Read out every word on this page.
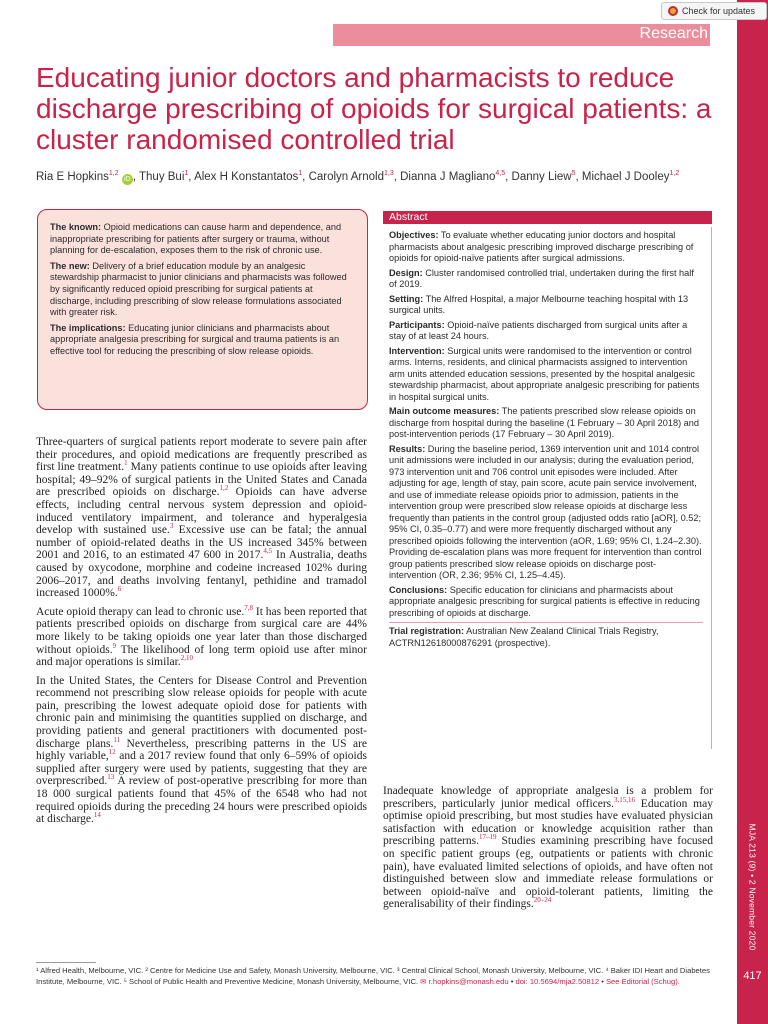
MJA 213 (9) • 2 November 2020
417
Check for updates
Research
Educating junior doctors and pharmacists to reduce discharge prescribing of opioids for surgical patients: a cluster randomised controlled trial
Ria E Hopkins$^{1,2}$ iD , Thuy Bui$^1$, Alex H Konstantatos$^1$, Carolyn Arnold$^{1,3}$, Dianna J Magliano$^{4,5}$, Danny Liew$^5$, Michael J Dooley$^{1,2}$

The known: Opioid medications can cause harm and dependence, and inappropriate prescribing for patients after surgery or trauma, without planning for de-escalation, exposes them to the risk of chronic use.

The new: Delivery of a brief education module by an analgesic stewardship pharmacist to junior clinicians and pharmacists was followed by significantly reduced opioid prescribing for surgical patients at discharge, including prescribing of slow release formulations associated with greater risk.

The implications: Educating junior clinicians and pharmacists about appropriate analgesia prescribing for surgical and trauma patients is an effective tool for reducing the prescribing of slow release opioids.

Abstract

Objectives: To evaluate whether educating junior doctors and hospital pharmacists about analgesic prescribing improved discharge prescribing of opioids for opioid-naïve patients after surgical admissions.

Design: Cluster randomised controlled trial, undertaken during the first half of 2019.

Setting: The Alfred Hospital, a major Melbourne teaching hospital with 13 surgical units.

Participants: Opioid-naïve patients discharged from surgical units after a stay of at least 24 hours.

Intervention: Surgical units were randomised to the intervention or control arms. Interns, residents, and clinical pharmacists assigned to intervention arm units attended education sessions, presented by the hospital analgesic stewardship pharmacist, about appropriate analgesic prescribing for patients in hospital surgical units.

Main outcome measures: The patients prescribed slow release opioids on discharge from hospital during the baseline (1 February – 30 April 2018) and post-intervention periods (17 February – 30 April 2019).

Results: During the baseline period, 1369 intervention unit and 1014 control unit admissions were included in our analysis; during the evaluation period, 973 intervention unit and 706 control unit episodes were included. After adjusting for age, length of stay, pain score, acute pain service involvement, and use of immediate release opioids prior to admission, patients in the intervention group were prescribed slow release opioids at discharge less frequently than patients in the control group (adjusted odds ratio [aOR], 0.52; 95% CI, 0.35–0.77) and were more frequently discharged without any prescribed opioids following the intervention (aOR, 1.69; 95% CI, 1.24–2.30). Providing de-escalation plans was more frequent for intervention than control group patients prescribed slow release opioids on discharge post-intervention (OR, 2.36; 95% CI, 1.25–4.45).

Conclusions: Specific education for clinicians and pharmacists about appropriate analgesic prescribing for surgical patients is effective in reducing prescribing of opioids at discharge.

Trial registration: Australian New Zealand Clinical Trials Registry, ACTRN12618000876291 (prospective).

Three-quarters of surgical patients report moderate to severe pain after their procedures, and opioid medications are frequently prescribed as first line treatment.$^1$ Many patients continue to use opioids after leaving hospital; 49–92% of surgical patients in the United States and Canada are prescribed opioids on discharge.$^{1,2}$ Opioids can have adverse effects, including central nervous system depression and opioid-induced ventilatory impairment, and tolerance and hyperalgesia develop with sustained use.$^3$ Excessive use can be fatal; the annual number of opioid-related deaths in the US increased 345% between 2001 and 2016, to an estimated 47 600 in 2017.$^{4,5}$ In Australia, deaths caused by oxycodone, morphine and codeine increased 102% during 2006–2017, and deaths involving fentanyl, pethidine and tramadol increased 1000%.$^6$

Acute opioid therapy can lead to chronic use.$^{7,8}$ It has been reported that patients prescribed opioids on discharge from surgical care are 44% more likely to be taking opioids one year later than those discharged without opioids.$^9$ The likelihood of long term opioid use after minor and major operations is similar.$^{2,10}$

In the United States, the Centers for Disease Control and Prevention recommend not prescribing slow release opioids for people with acute pain, prescribing the lowest adequate opioid dose for patients with chronic pain and minimising the quantities supplied on discharge, and providing patients and general practitioners with documented post-discharge plans.$^{11}$ Nevertheless, prescribing patterns in the US are highly variable,$^{12}$ and a 2017 review found that only 6–59% of opioids supplied after surgery were used by patients, suggesting that they are overprescribed.$^{13}$ A review of post-operative prescribing for more than 18 000 surgical patients found that 45% of the 6548 who had not required opioids during the preceding 24 hours were prescribed opioids at discharge.$^{14}$

Inadequate knowledge of appropriate analgesia is a problem for prescribers, particularly junior medical officers.$^{3,15,16}$ Education may optimise opioid prescribing, but most studies have evaluated physician satisfaction with education or knowledge acquisition rather than prescribing patterns.$^{17-19}$ Studies examining prescribing have focused on specific patient groups (eg, outpatients or patients with chronic pain), have evaluated limited selections of opioids, and have often not distinguished between slow and immediate release formulations or between opioid-naïve and opioid-tolerant patients, limiting the generalisability of their findings.$^{20-24}$

¹ Alfred Health, Melbourne, VIC. ² Centre for Medicine Use and Safety, Monash University, Melbourne, VIC. ³ Central Clinical School, Monash University, Melbourne, VIC. ⁴ Baker IDI Heart and Diabetes Institute, Melbourne, VIC. ⁵ School of Public Health and Preventive Medicine, Monash University, Melbourne, VIC. ✉ r.hopkins@monash.edu • doi: 10.5694/mja2.50812 • See Editorial (Schug).
